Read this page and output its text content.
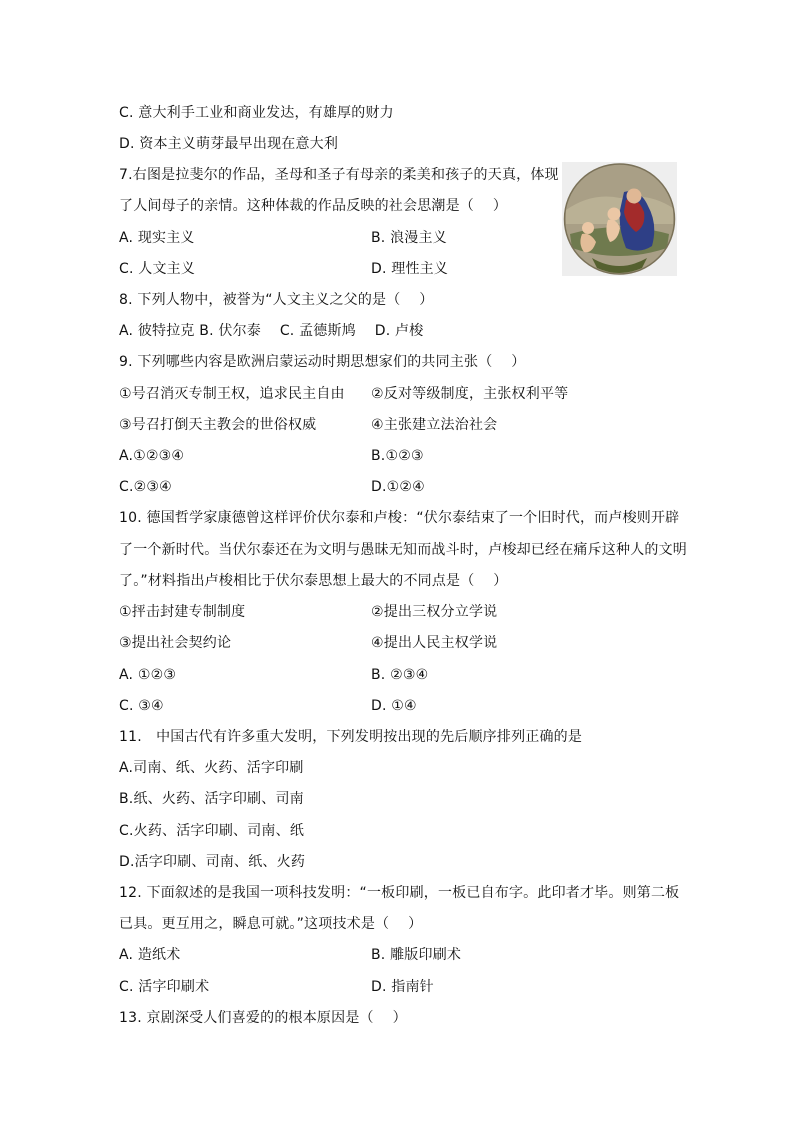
C. 意大利手工业和商业发达，有雄厚的财力
D. 资本主义萌芽最早出现在意大利
7.右图是拉斐尔的作品，圣母和圣子有母亲的柔美和孩子的天真，体现
了人间母子的亲情。这种体裁的作品反映的社会思潮是（　 ）
A. 现实主义	B. 浪漫主义
C. 人文主义	D. 理性主义
8. 下列人物中，被誉为“人文主义之父的是（　 ）
A. 彼特拉克 B. 伏尔泰　 C. 孟德斯鸠　 D. 卢梭
9. 下列哪些内容是欧洲启蒙运动时期思想家们的共同主张（　 ）
①号召消灭专制王权，追求民主自由 ②反对等级制度，主张权利平等
③号召打倒天主教会的世俗权威	④主张建立法治社会
A.①②③④	B.①②③
C.②③④	D.①②④
10. 德国哲学家康德曾这样评价伏尔泰和卢梭：“伏尔泰结束了一个旧时代，而卢梭则开辟
了一个新时代。当伏尔泰还在为文明与愚昧无知而战斗时，卢梭却已经在痛斥这种人的文明
了。”材料指出卢梭相比于伏尔泰思想上最大的不同点是（　 ）
①抨击封建专制制度	②提出三权分立学说
③提出社会契约论	④提出人民主权学说
A. ①②③	B. ②③④
C. ③④	D. ①④
11.　中国古代有许多重大发明，下列发明按出现的先后顺序排列正确的是
A.司南、纸、火药、活字印刷
B.纸、火药、活字印刷、司南
C.火药、活字印刷、司南、纸
D.活字印刷、司南、纸、火药
12. 下面叙述的是我国一项科技发明：“一板印刷，一板已自布字。此印者才毕。则第二板
已具。更互用之，瞬息可就。”这项技术是（　 ）
A. 造纸术	B. 雕版印刷术
C. 活字印刷术	D. 指南针
13. 京剧深受人们喜爱的的根本原因是（　 ）
